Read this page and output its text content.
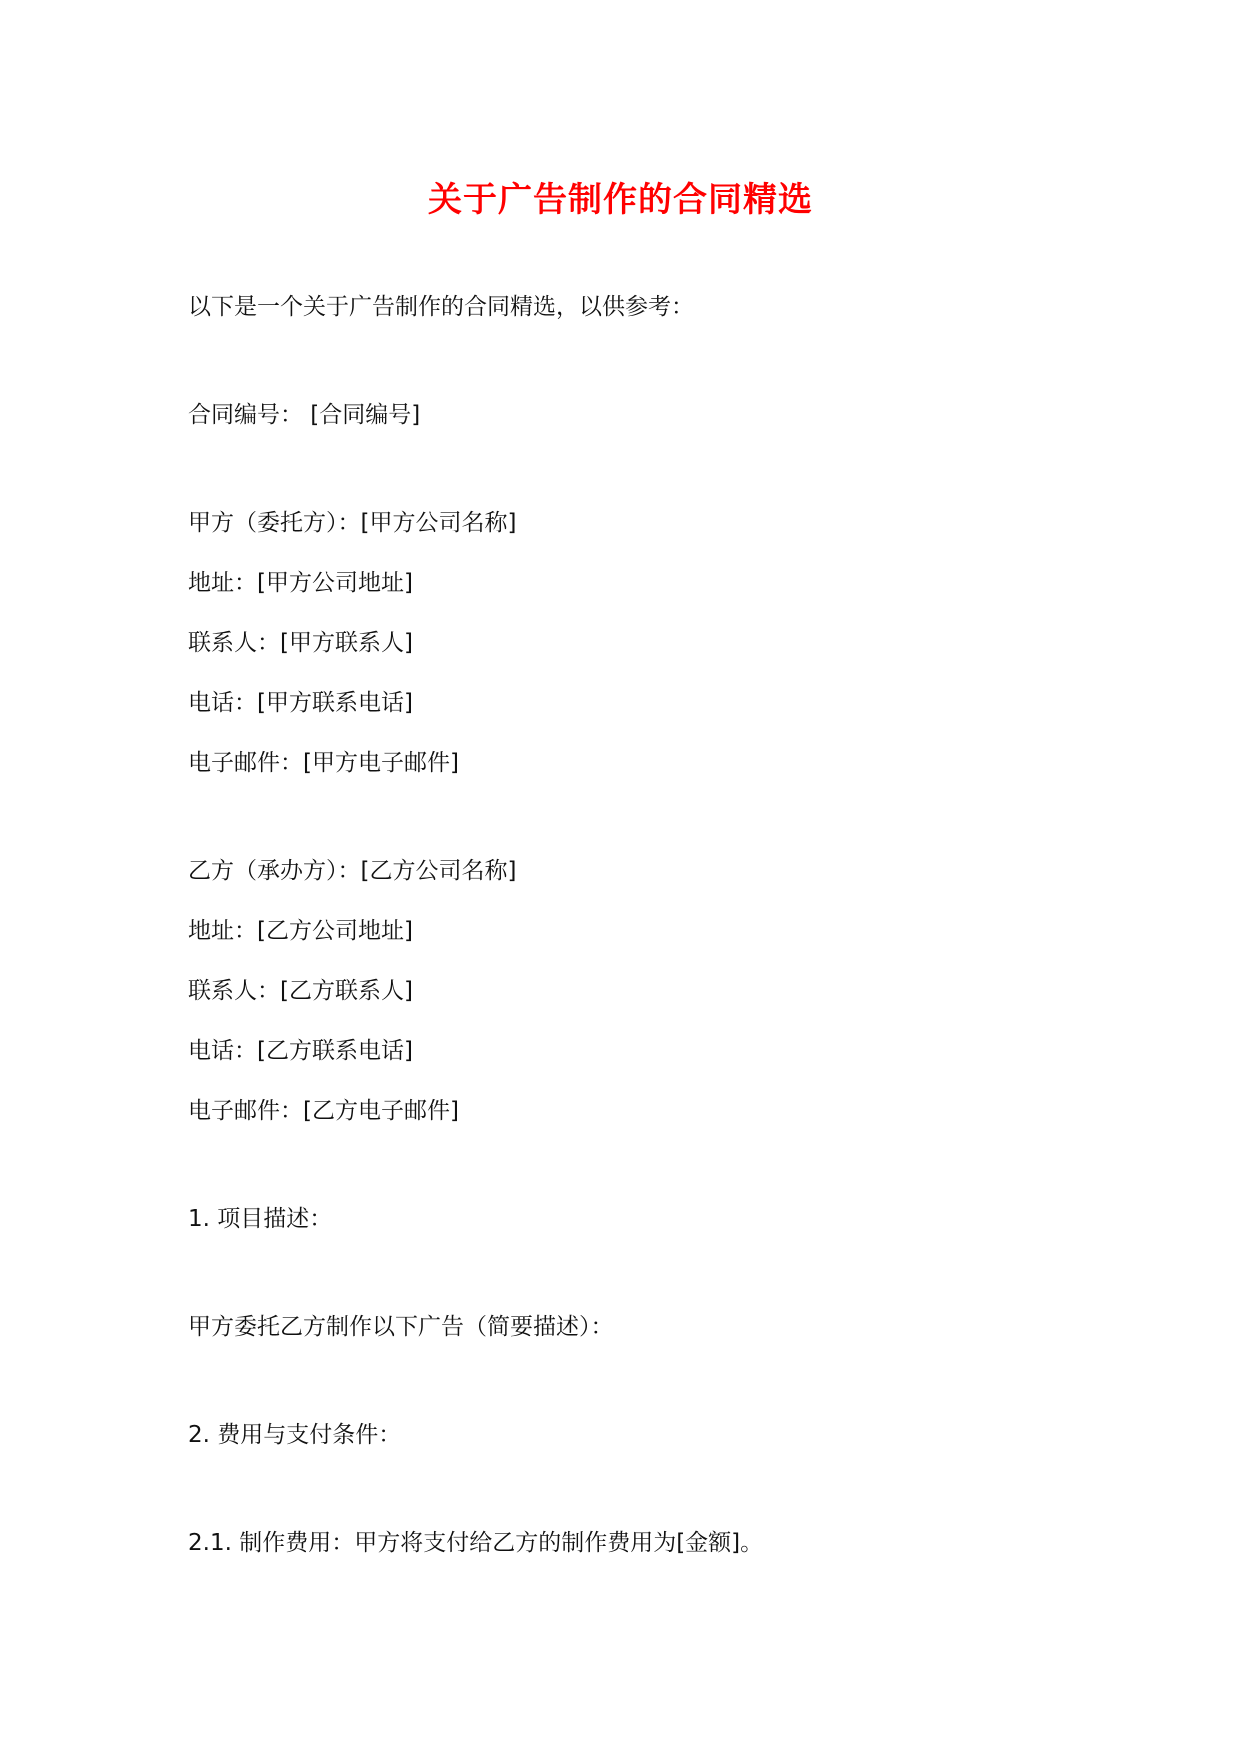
关于广告制作的合同精选
以下是一个关于广告制作的合同精选，以供参考：
合同编号： [合同编号]
甲方（委托方）：[甲方公司名称]
地址：[甲方公司地址]
联系人：[甲方联系人]
电话：[甲方联系电话]
电子邮件：[甲方电子邮件]
乙方（承办方）：[乙方公司名称]
地址：[乙方公司地址]
联系人：[乙方联系人]
电话：[乙方联系电话]
电子邮件：[乙方电子邮件]
1. 项目描述：
甲方委托乙方制作以下广告（简要描述）：
2. 费用与支付条件：
2.1. 制作费用：甲方将支付给乙方的制作费用为[金额]。
